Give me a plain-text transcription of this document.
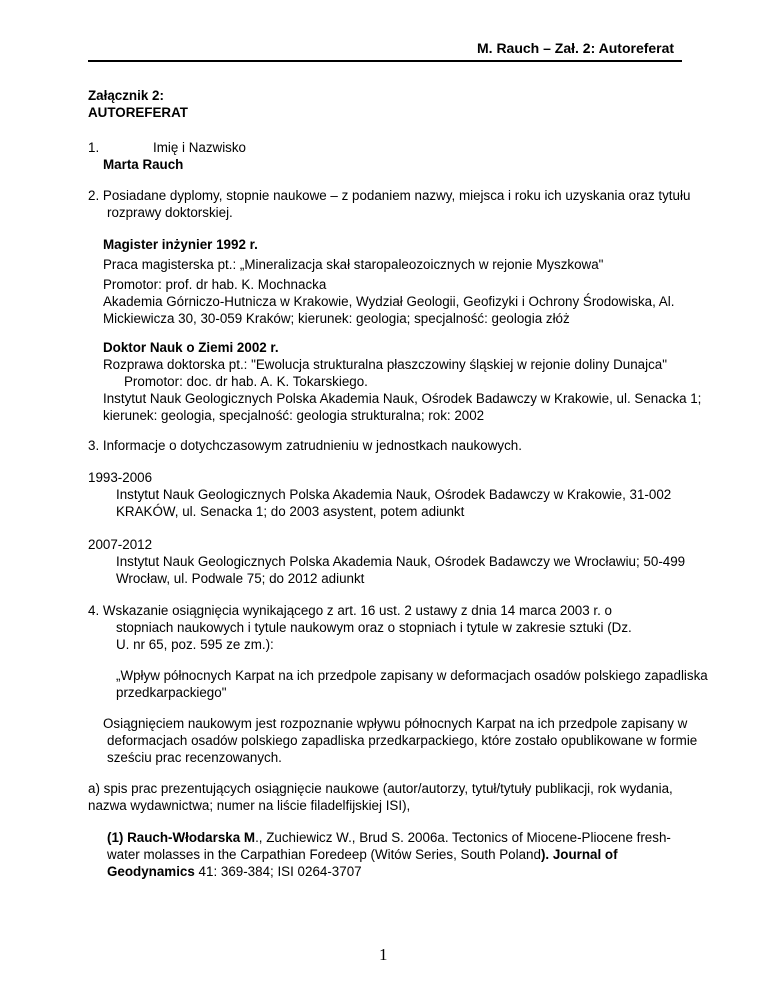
M. Rauch – Zał. 2: Autoreferat
Załącznik 2:
AUTOREFERAT
1.	Imię i Nazwisko
Marta Rauch
2. Posiadane dyplomy, stopnie naukowe – z podaniem nazwy, miejsca i roku ich uzyskania oraz tytułu
rozprawy doktorskiej.
Magister inżynier 1992 r.
Praca magisterska pt.: „Mineralizacja skał staropaleozoicznych w rejonie Myszkowa"
Promotor: prof. dr hab. K. Mochnacka
Akademia Górniczo-Hutnicza w Krakowie, Wydział Geologii, Geofizyki i Ochrony Środowiska, Al.
Mickiewicza 30, 30-059 Kraków; kierunek: geologia; specjalność: geologia złóż
Doktor Nauk o Ziemi 2002 r.
Rozprawa doktorska pt.: "Ewolucja strukturalna płaszczowiny śląskiej w rejonie doliny Dunajca"
Promotor: doc. dr hab. A. K. Tokarskiego.
Instytut Nauk Geologicznych Polska Akademia Nauk, Ośrodek Badawczy w Krakowie, ul. Senacka 1;
kierunek: geologia, specjalność: geologia strukturalna; rok: 2002
3. Informacje o dotychczasowym zatrudnieniu w jednostkach naukowych.
1993-2006
Instytut Nauk Geologicznych Polska Akademia Nauk, Ośrodek Badawczy w Krakowie, 31-002
KRAKÓW, ul. Senacka 1; do 2003 asystent, potem adiunkt
2007-2012
Instytut Nauk Geologicznych Polska Akademia Nauk, Ośrodek Badawczy we Wrocławiu; 50-499
Wrocław, ul. Podwale 75; do 2012 adiunkt
4. Wskazanie osiągnięcia wynikającego z art. 16 ust. 2 ustawy z dnia 14 marca 2003 r. o
stopniach naukowych i tytule naukowym oraz o stopniach i tytule w zakresie sztuki (Dz.
U. nr 65, poz. 595 ze zm.):
„Wpływ północnych Karpat na ich przedpole zapisany w deformacjach osadów polskiego zapadliska
przedkarpackiego"
Osiągnięciem naukowym jest rozpoznanie wpływu północnych Karpat na ich przedpole zapisany w
deformacjach osadów polskiego zapadliska przedkarpackiego, które zostało opublikowane w formie
sześciu prac recenzowanych.
a) spis prac prezentujących osiągnięcie naukowe (autor/autorzy, tytuł/tytuły publikacji, rok wydania,
nazwa wydawnictwa; numer na liście filadelfijskiej ISI),
(1) Rauch-Włodarska M., Zuchiewicz W., Brud S. 2006a. Tectonics of Miocene-Pliocene fresh-
water molasses in the Carpathian Foredeep (Witów Series, South Poland). Journal of
Geodynamics 41: 369-384; ISI 0264-3707
1
